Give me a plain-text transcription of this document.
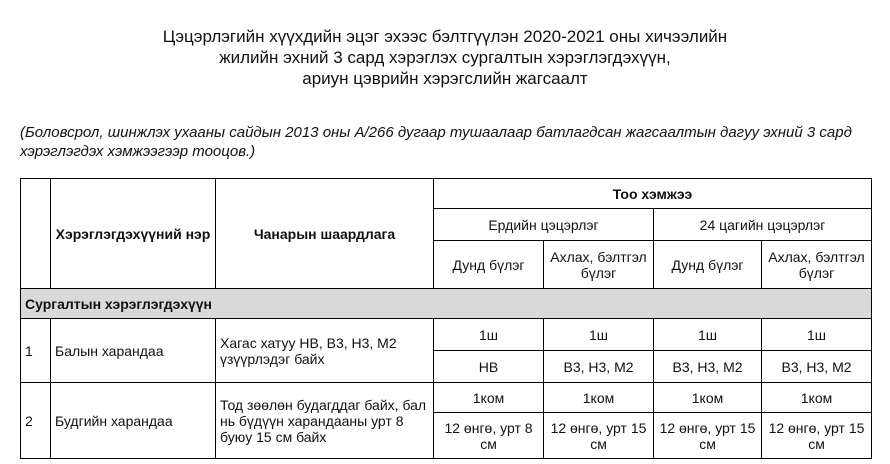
Цэцэрлэгийн хүүхдийн эцэг эхээс бэлтгүүлэн 2020-2021 оны хичээлийн
жилийн эхний 3 сард хэрэглэх сургалтын хэрэглэгдэхүүн,
ариун цэврийн хэрэгслийн жагсаалт
(Боловсрол, шинжлэх ухааны сайдын 2013 оны А/266 дугаар тушаалаар батлагдсан жагсаалтын дагуу эхний 3 сард хэрэглэгдэх хэмжээгээр тооцов.)
	Хэрэглэгдэхүүний нэр	Чанарын шаардлага	Тоо хэмжээ			
			Ердийн цэцэрлэг		24 цагийн цэцэрлэг	
			Дунд бүлэг	Ахлах, бэлтгэл бүлэг	Дунд бүлэг	Ахлах, бэлтгэл бүлэг
Сургалтын хэрэглэгдэхүүн						
1	Балын харандаа	Хагас хатуу НВ, В3, Н3, М2 үзүүрлэдэг байх	1ш	1ш	1ш	1ш
			НВ	В3, Н3, М2	В3, Н3, М2	В3, Н3, М2
2	Будгийн харандаа	Тод зөөлөн будагддаг байх, бал нь бүдүүн харандааны урт 8 буюу 15 см байх	1ком	1ком	1ком	1ком
			12 өнгө, урт 8 см	12 өнгө, урт 15 см	12 өнгө, урт 15 см	12 өнгө, урт 15 см
